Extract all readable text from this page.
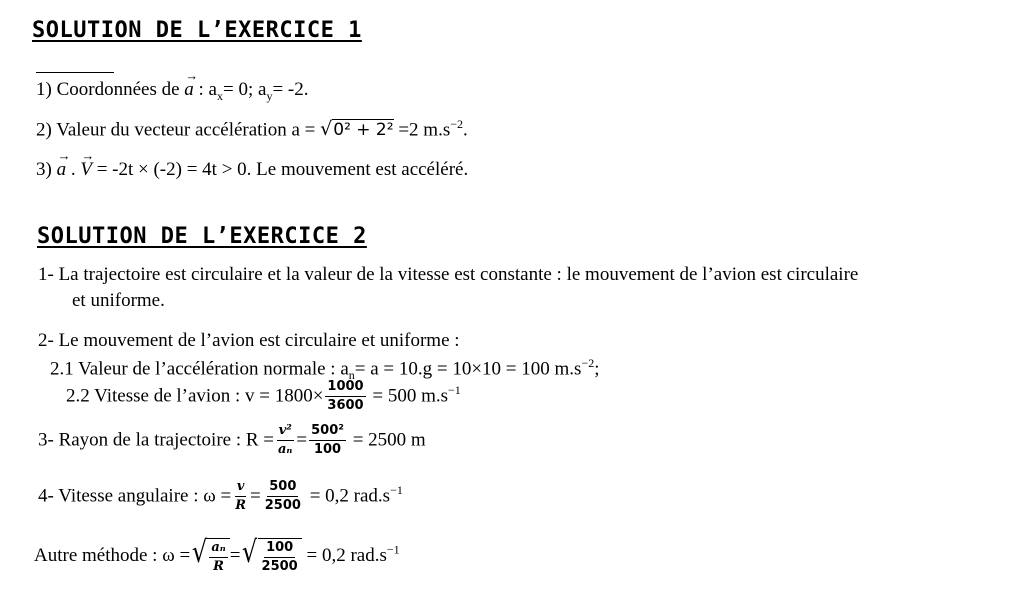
SOLUTION DE L’EXERCICE 1
1) Coordonnées de → a : $a_x= 0$; $a_y= -2$.
2) Valeur du vecteur accélération a = √0² + 2² =2 $m.s^{-2}$.
3) → a . → V = -2t × (-2) = 4t > 0. Le mouvement est accéléré.
SOLUTION DE L’EXERCICE 2
1- La trajectoire est circulaire et la valeur de la vitesse est constante : le mouvement de l’avion est circulaire
et uniforme.
2- Le mouvement de l’avion est circulaire et uniforme :
2.1 Valeur de l’accélération normale : $a_n= a = 10.g = 10\times 10 = 100$ $m.s^{-2}$;
2.2 Vitesse de l’avion : $v = 1800\times \frac{1000}{3600} = 500$ $m.s^{-1}$
3- Rayon de la trajectoire : $R = \frac{\text{v²}}{\text{aₙ}} = \frac{\text{500²}}{100} = 2500$ m
4- Vitesse angulaire : $\omega = \frac{v}{R} = \frac{500}{2500} = 0,2$ $rad.s^{-1}$
Autre méthode : ω = √ $\frac{\text{aₙ}}{R}$ = √ $\frac{100}{2500} = 0,2$ $rad.s^{-1}$
